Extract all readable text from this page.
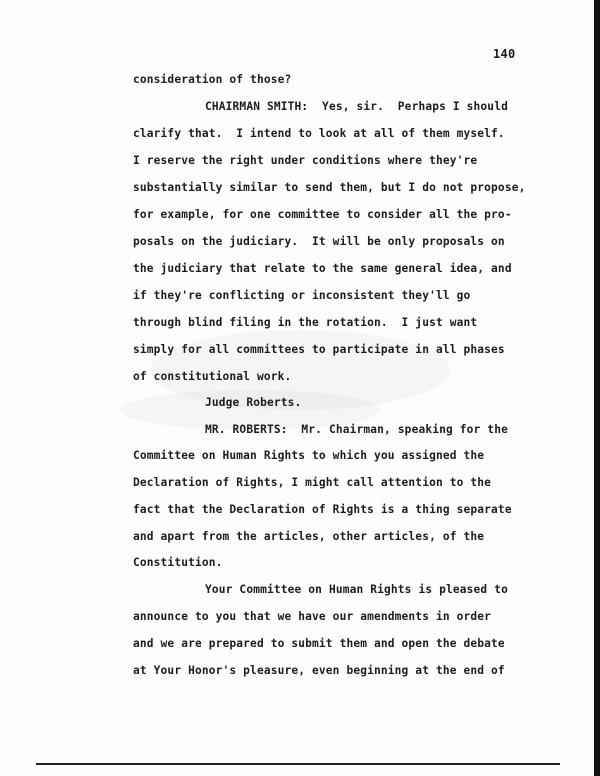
140
consideration of those?
CHAIRMAN SMITH:  Yes, sir.  Perhaps I should
clarify that.  I intend to look at all of them myself.
I reserve the right under conditions where they're
substantially similar to send them, but I do not propose,
for example, for one committee to consider all the pro-
posals on the judiciary.  It will be only proposals on
the judiciary that relate to the same general idea, and
if they're conflicting or inconsistent they'll go
through blind filing in the rotation.  I just want
simply for all committees to participate in all phases
of constitutional work.
Judge Roberts.
MR. ROBERTS:  Mr. Chairman, speaking for the
Committee on Human Rights to which you assigned the
Declaration of Rights, I might call attention to the
fact that the Declaration of Rights is a thing separate
and apart from the articles, other articles, of the
Constitution.
Your Committee on Human Rights is pleased to
announce to you that we have our amendments in order
and we are prepared to submit them and open the debate
at Your Honor's pleasure, even beginning at the end of
